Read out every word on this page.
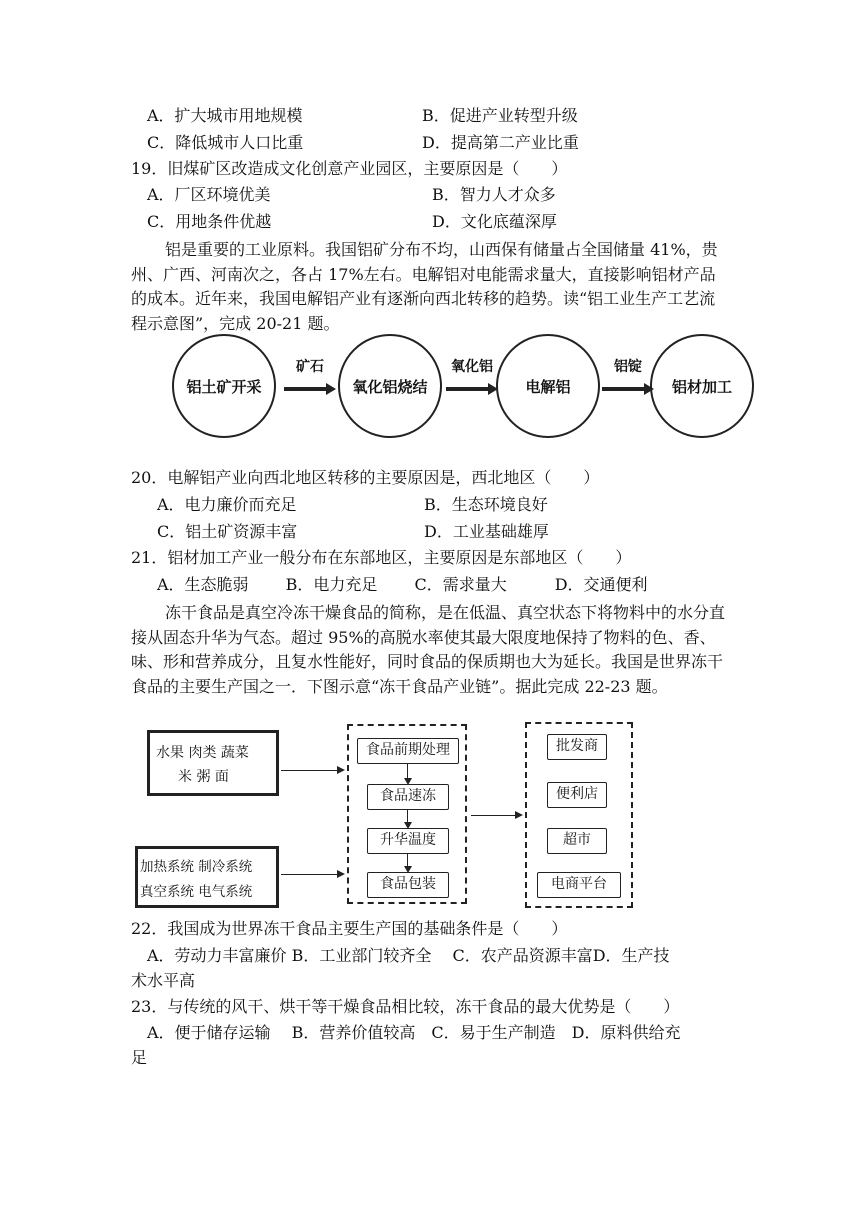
A．扩大城市用地规模	B．促进产业转型升级
C．降低城市人口比重	D．提高第二产业比重
19．旧煤矿区改造成文化创意产业园区，主要原因是（　　）
A．厂区环境优美	B．智力人才众多
C．用地条件优越	D．文化底蕴深厚
铝是重要的工业原料。我国铝矿分布不均，山西保有储量占全国储量 41%，贵州、广西、河南次之，各占 17%左右。电解铝对电能需求量大，直接影响铝材产品的成本。近年来，我国电解铝产业有逐渐向西北转移的趋势。读“铝工业生产工艺流程示意图”，完成 20-21 题。
铝土矿开采
矿石
氧化铝烧结
氧化铝
电解铝
铝锭
铝材加工
20．电解铝产业向西北地区转移的主要原因是，西北地区（　　）
A．电力廉价而充足	B．生态环境良好
C．铝土矿资源丰富	D．工业基础雄厚
21．铝材加工产业一般分布在东部地区，主要原因是东部地区（　　）
A．生态脆弱　　 B．电力充足　　 C．需求量大　　　D．交通便利
冻干食品是真空冷冻干燥食品的简称，是在低温、真空状态下将物料中的水分直接从固态升华为气态。超过 95%的高脱水率使其最大限度地保持了物料的色、香、味、形和营养成分，且复水性能好，同时食品的保质期也大为延长。我国是世界冻干食品的主要生产国之一．下图示意“冻干食品产业链”。据此完成 22-23 题。
水果 肉类 蔬菜
米 粥 面
加热系统 制冷系统
真空系统 电气系统
食品前期处理
食品速冻
升华温度
食品包装
批发商
便利店
超市
电商平台
22．我国成为世界冻干食品主要生产国的基础条件是（　　）
A．劳动力丰富廉价 B．工业部门较齐全　 C．农产品资源丰富D．生产技
术水平高
23．与传统的风干、烘干等干燥食品相比较，冻干食品的最大优势是（　　）
A．便于储存运输　 B．营养价值较高　C．易于生产制造　D．原料供给充
足
